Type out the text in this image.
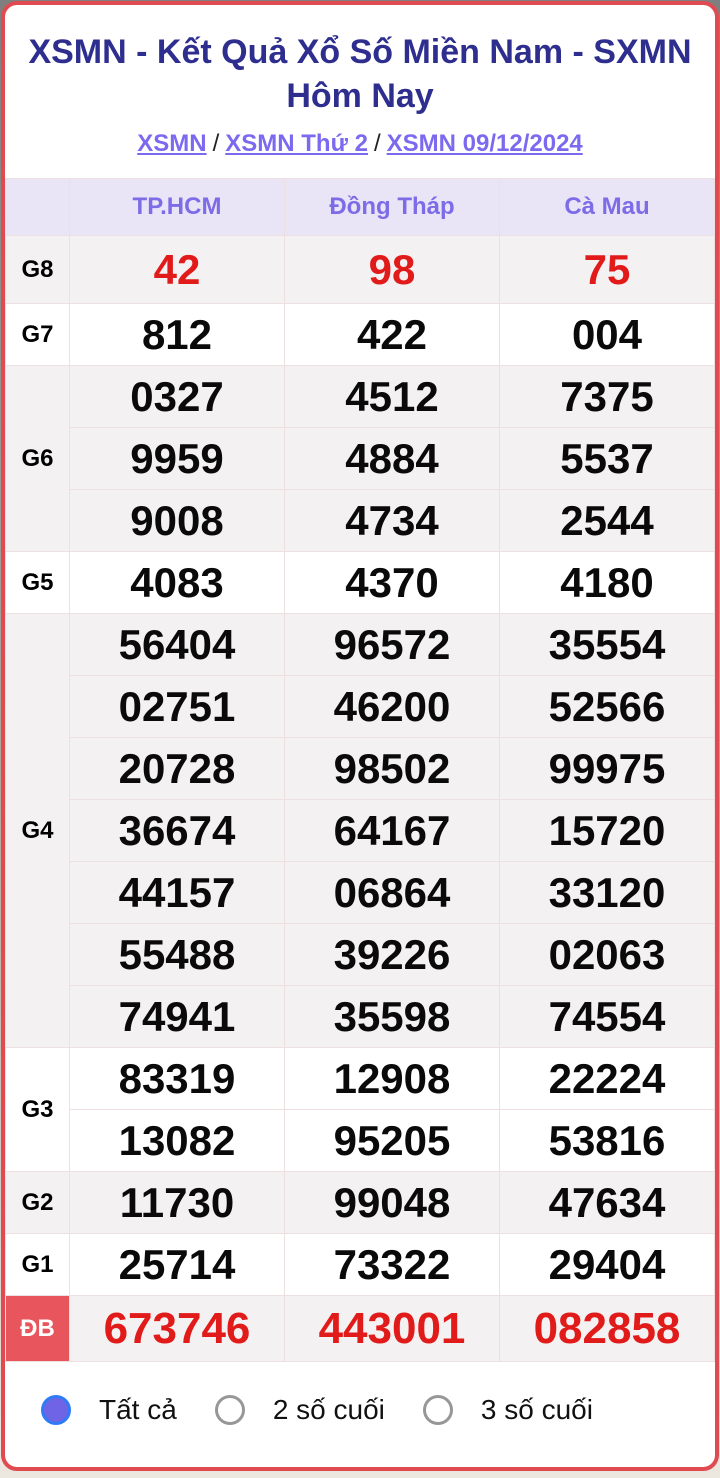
XSMN - Kết Quả Xổ Số Miền Nam - SXMN Hôm Nay
XSMN / XSMN Thứ 2 / XSMN 09/12/2024
	TP.HCM	Đồng Tháp	Cà Mau
G8	42	98	75
G7	812	422	004
G6	0327	4512	7375
	9959	4884	5537
	9008	4734	2544
G5	4083	4370	4180
G4	56404	96572	35554
	02751	46200	52566
	20728	98502	99975
	36674	64167	15720
	44157	06864	33120
	55488	39226	02063
	74941	35598	74554
G3	83319	12908	22224
	13082	95205	53816
G2	11730	99048	47634
G1	25714	73322	29404
ĐB	673746	443001	082858
Tất cả	2 số cuối	3 số cuối
